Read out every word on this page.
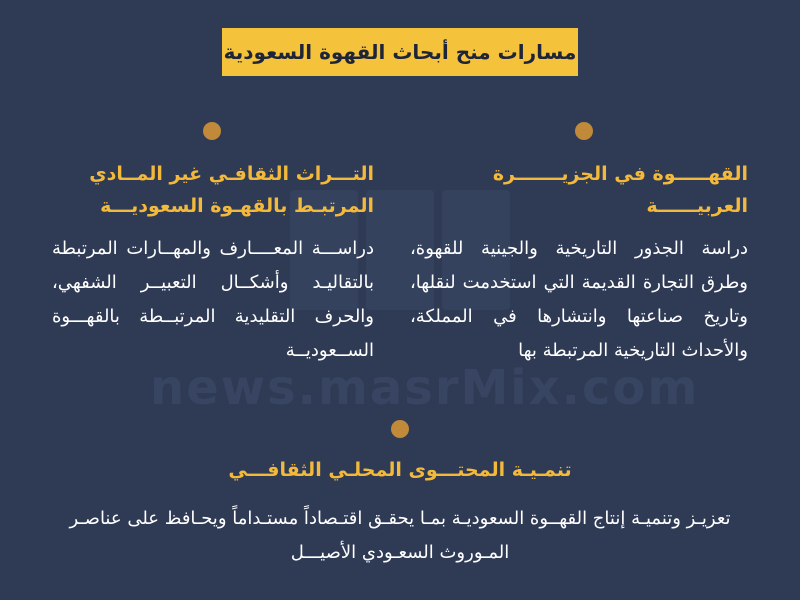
news.masrMix.com
مسارات منح أبحاث القهوة السعودية
القهـــــوة في الجزيـــــــرة العربيــــــة
دراسة الجذور التاريخية والجينية للقهوة، وطرق التجارة القديمة التي استخدمت لنقلها، وتاريخ صناعتها وانتشارها في المملكة، والأحداث التاريخية المرتبطة بها
التـــراث الثقافـي غير المــادي المرتبـط بالقهـوة السعوديـــة
دراســـة المعــــارف والمهــارات المرتبطة بالتقاليـد وأشكــال التعبيــر الشفهي، والحرف التقليدية المرتبــطة بالقهـــوة الســعوديــة
تنمـيـة المحتـــوى المحلـي الثقافـــي
تعزيـز وتنميـة إنتاج القهــوة السعوديـة بمـا يحقـق اقتـصاداً مستـداماً ويحـافظ على عناصـر المـوروث السعـودي الأصيـــل
